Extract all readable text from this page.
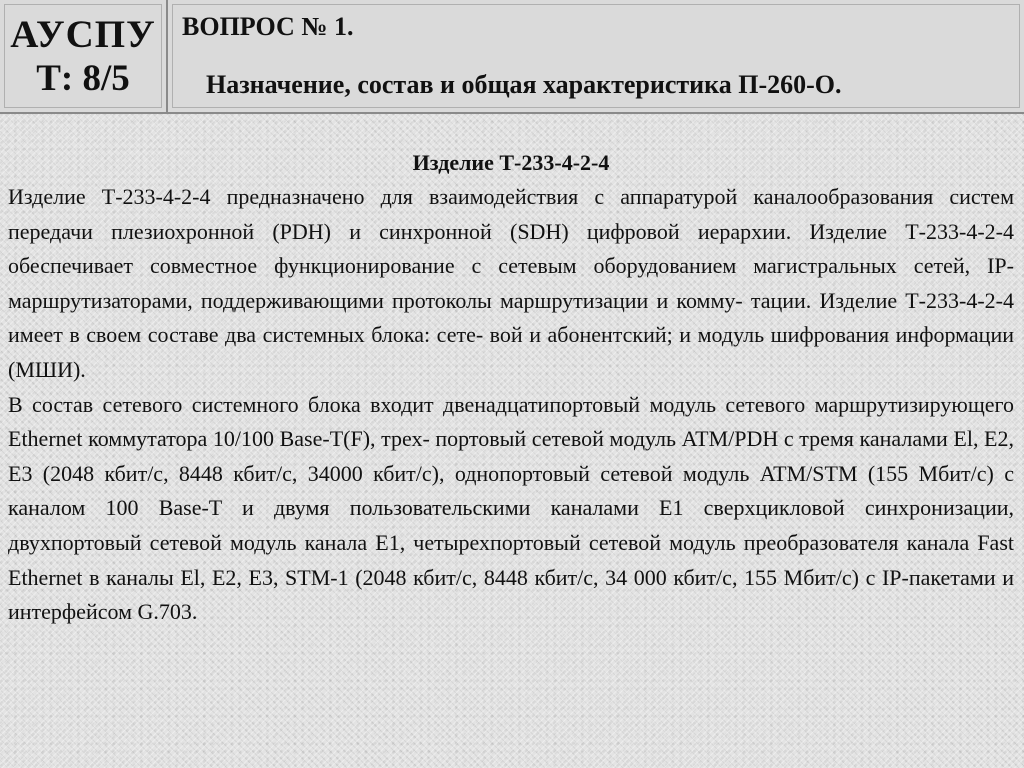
АУСПУ
Т: 8/5
ВОПРОС № 1.
Назначение, состав и общая характеристика П-260-О.
Изделие Т-233-4-2-4

Изделие Т-233-4-2-4 предназначено для взаимодействия с аппаратурой каналообразования систем передачи плезиохронной (PDH) и синхронной (SDH) цифровой иерархии. Изделие Т-233-4-2-4 обеспечивает совместное функционирование с сетевым оборудованием магистральных сетей, IP-маршрутизаторами, поддерживающими протоколы маршрутизации и комму- тации. Изделие Т-233-4-2-4 имеет в своем составе два системных блока: сете- вой и абонентский; и модуль шифрования информации (МШИ).

В состав сетевого системного блока входит двенадцатипортовый модуль сетевого маршрутизирующего Ethernet коммутатора 10/100 Base-T(F), трех- портовый сетевой модуль ATM/PDH с тремя каналами El, E2, E3 (2048 кбит/с, 8448 кбит/с, 34000 кбит/с), однопортовый сетевой модуль ATM/STM (155 Мбит/с) с каналом 100 Base-T и двумя пользовательскими каналами E1 сверхцикловой синхронизации, двухпортовый сетевой модуль канала E1, четырехпортовый сетевой модуль преобразователя канала Fast Ethernet в каналы El, E2, E3, STM-1 (2048 кбит/с, 8448 кбит/с, 34 000 кбит/с, 155 Мбит/с) с IP-пакетами и интерфейсом G.703.
